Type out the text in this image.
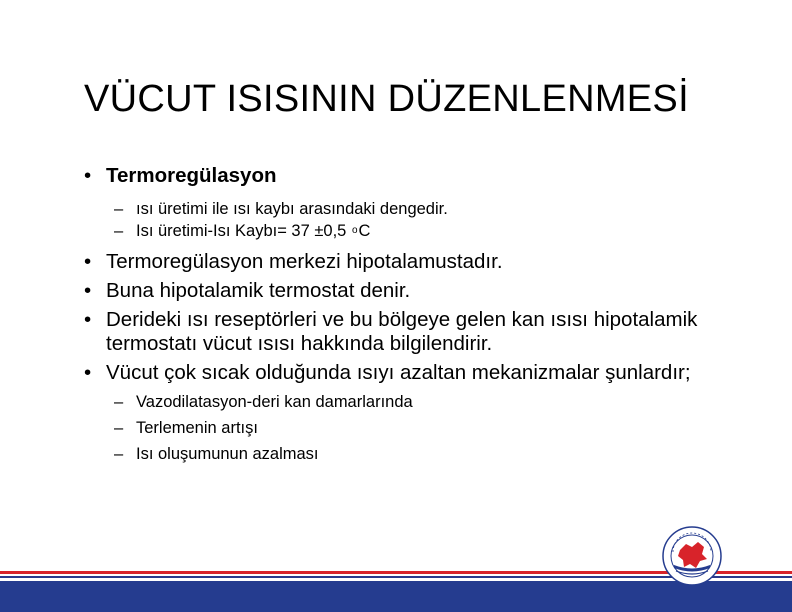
VÜCUT ISISININ DÜZENLENMESİ
• Termoregülasyon
– ısı üretimi ile ısı kaybı arasındaki dengedir.
– Isı üretimi-Isı Kaybı= 37 ±0,5 $^o$C
• Termoregülasyon merkezi hipotalamustadır.
• Buna hipotalamik termostat denir.
• Derideki ısı reseptörleri ve bu bölgeye gelen kan ısısı hipotalamik termostatı vücut ısısı hakkında bilgilendirir.
• Vücut çok sıcak olduğunda ısıyı azaltan mekanizmalar şunlardır;
– Vazodilatasyon-deri kan damarlarında
– Terlemenin artışı
– Isı oluşumunun azalması
